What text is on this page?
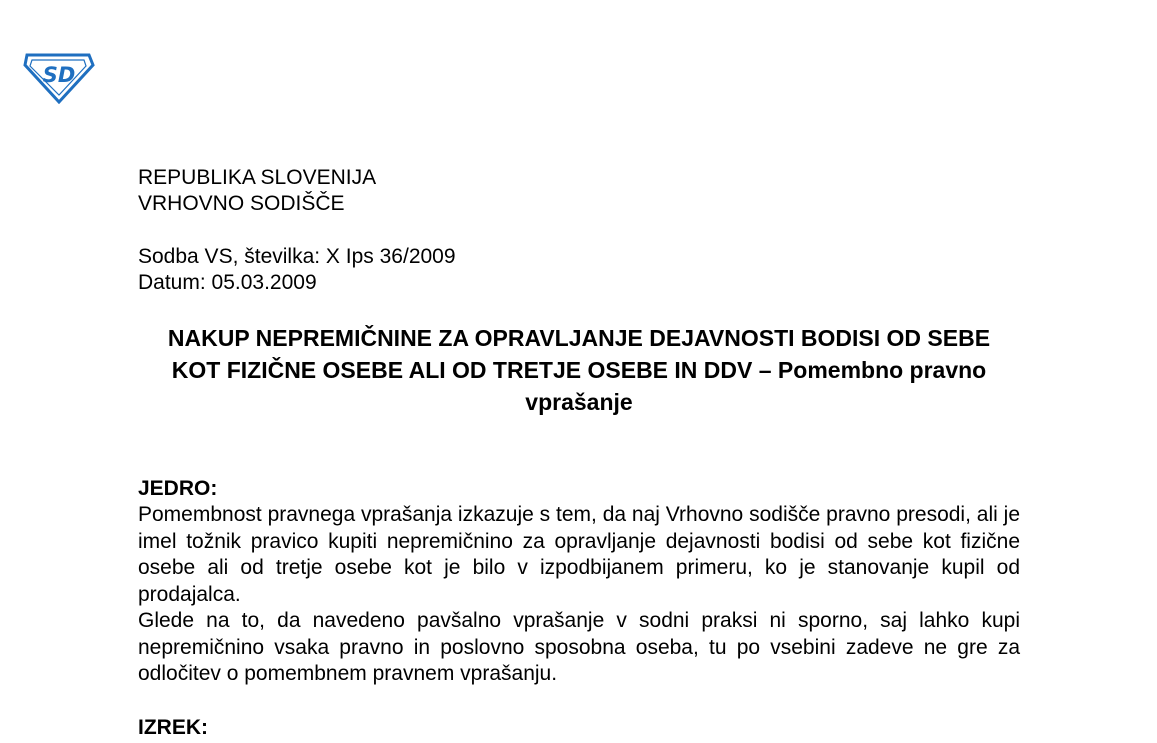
SD
REPUBLIKA SLOVENIJA
VRHOVNO SODIŠČE
Sodba VS, številka: X Ips 36/2009
Datum: 05.03.2009
NAKUP NEPREMIČNINE ZA OPRAVLJANJE DEJAVNOSTI BODISI OD SEBE KOT FIZIČNE OSEBE ALI OD TRETJE OSEBE IN DDV – Pomembno pravno vprašanje
JEDRO:
Pomembnost pravnega vprašanja izkazuje s tem, da naj Vrhovno sodišče pravno presodi, ali je imel tožnik pravico kupiti nepremičnino za opravljanje dejavnosti bodisi od sebe kot fizične osebe ali od tretje osebe kot je bilo v izpodbijanem primeru, ko je stanovanje kupil od prodajalca.
Glede na to, da navedeno pavšalno vprašanje v sodni praksi ni sporno, saj lahko kupi nepremičnino vsaka pravno in poslovno sposobna oseba, tu po vsebini zadeve ne gre za odločitev o pomembnem pravnem vprašanju.
IZREK:
